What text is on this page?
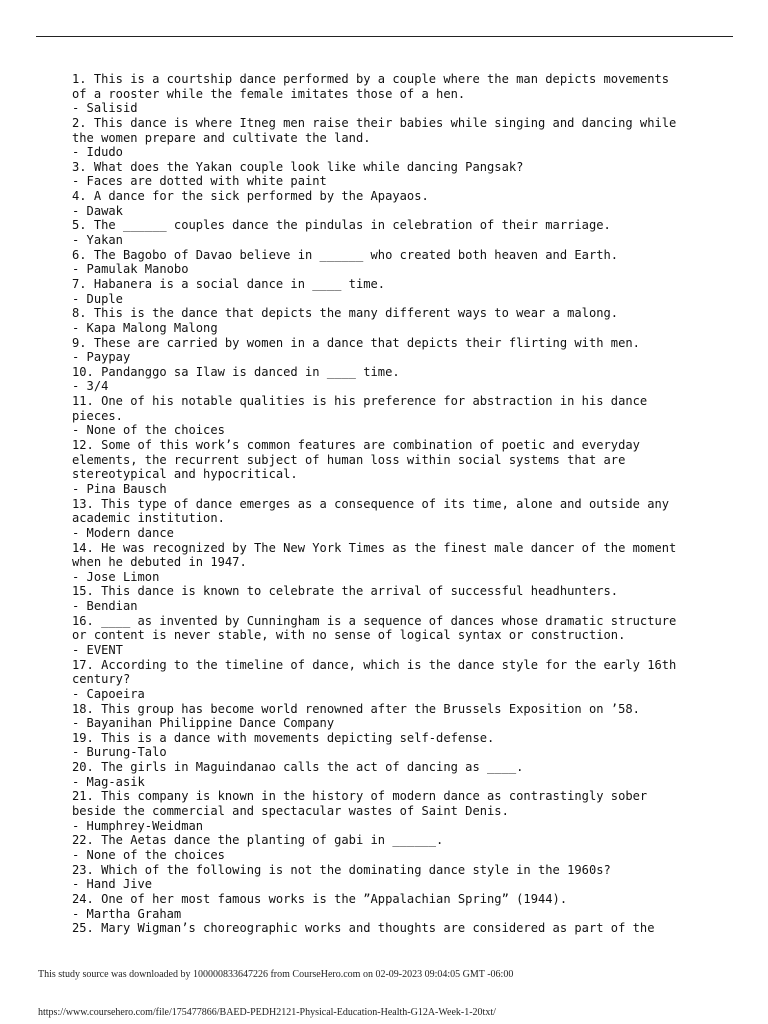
1. This is a courtship dance performed by a couple where the man depicts movements
of a rooster while the female imitates those of a hen.
- Salisid
2. This dance is where Itneg men raise their babies while singing and dancing while
the women prepare and cultivate the land.
- Idudo
3. What does the Yakan couple look like while dancing Pangsak?
- Faces are dotted with white paint
4. A dance for the sick performed by the Apayaos.
- Dawak
5. The ______ couples dance the pindulas in celebration of their marriage.
- Yakan
6. The Bagobo of Davao believe in ______ who created both heaven and Earth.
- Pamulak Manobo
7. Habanera is a social dance in ____ time.
- Duple
8. This is the dance that depicts the many different ways to wear a malong.
- Kapa Malong Malong
9. These are carried by women in a dance that depicts their flirting with men.
- Paypay
10. Pandanggo sa Ilaw is danced in ____ time.
- 3/4
11. One of his notable qualities is his preference for abstraction in his dance
pieces.
- None of the choices
12. Some of this work’s common features are combination of poetic and everyday
elements, the recurrent subject of human loss within social systems that are
stereotypical and hypocritical.
- Pina Bausch
13. This type of dance emerges as a consequence of its time, alone and outside any
academic institution.
- Modern dance
14. He was recognized by The New York Times as the finest male dancer of the moment
when he debuted in 1947.
- Jose Limon
15. This dance is known to celebrate the arrival of successful headhunters.
- Bendian
16. ____ as invented by Cunningham is a sequence of dances whose dramatic structure
or content is never stable, with no sense of logical syntax or construction.
- EVENT
17. According to the timeline of dance, which is the dance style for the early 16th
century?
- Capoeira
18. This group has become world renowned after the Brussels Exposition on ’58.
- Bayanihan Philippine Dance Company
19. This is a dance with movements depicting self-defense.
- Burung-Talo
20. The girls in Maguindanao calls the act of dancing as ____.
- Mag-asik
21. This company is known in the history of modern dance as contrastingly sober
beside the commercial and spectacular wastes of Saint Denis.
- Humphrey-Weidman
22. The Aetas dance the planting of gabi in ______.
- None of the choices
23. Which of the following is not the dominating dance style in the 1960s?
- Hand Jive
24. One of her most famous works is the ”Appalachian Spring” (1944).
- Martha Graham
25. Mary Wigman’s choreographic works and thoughts are considered as part of the
This study source was downloaded by 100000833647226 from CourseHero.com on 02-09-2023 09:04:05 GMT -06:00
https://www.coursehero.com/file/175477866/BAED-PEDH2121-Physical-Education-Health-G12A-Week-1-20txt/
